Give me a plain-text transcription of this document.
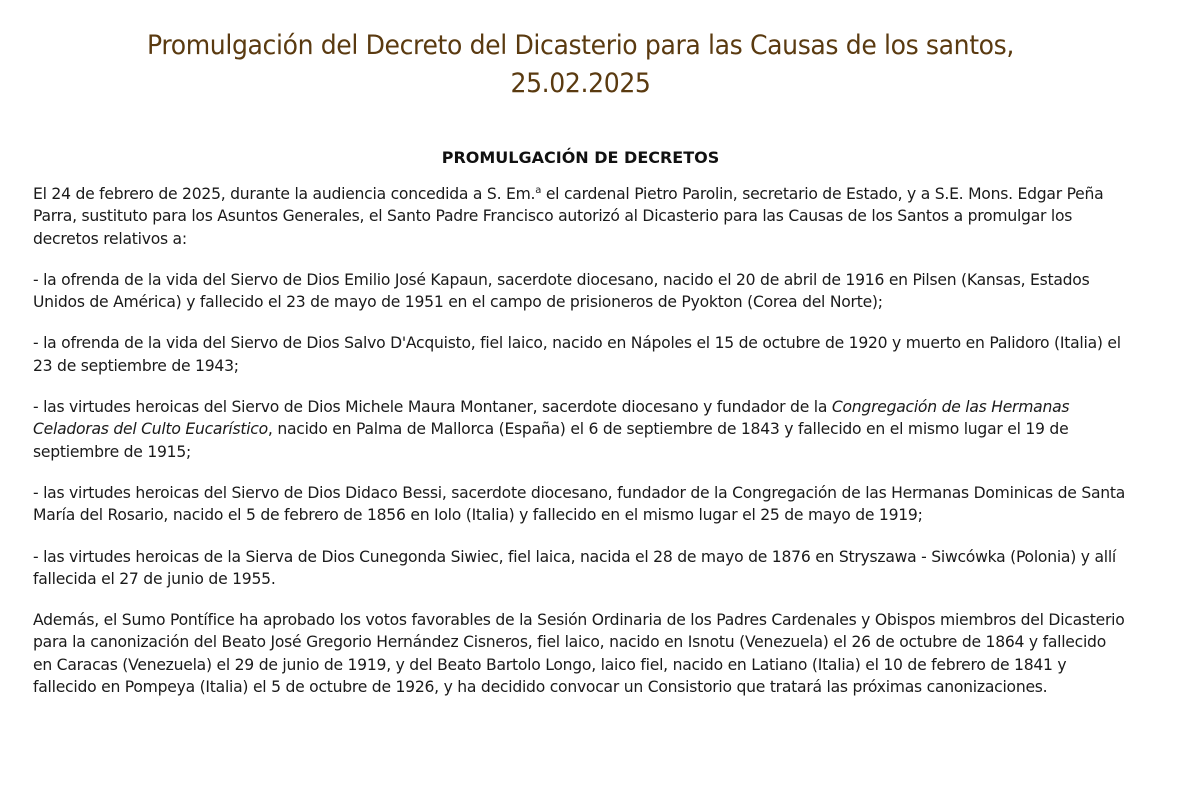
Promulgación del Decreto del Dicasterio para las Causas de los santos,
25.02.2025
PROMULGACIÓN DE DECRETOS

El 24 de febrero de 2025, durante la audiencia concedida a S. Em.$^a$ el cardenal Pietro Parolin, secretario de Estado, y a S.E. Mons. Edgar Peña Parra, sustituto para los Asuntos Generales, el Santo Padre Francisco autorizó al Dicasterio para las Causas de los Santos a promulgar los decretos relativos a:

- la ofrenda de la vida del Siervo de Dios Emilio José Kapaun, sacerdote diocesano, nacido el 20 de abril de 1916 en Pilsen (Kansas, Estados Unidos de América) y fallecido el 23 de mayo de 1951 en el campo de prisioneros de Pyokton (Corea del Norte);

- la ofrenda de la vida del Siervo de Dios Salvo D'Acquisto, fiel laico, nacido en Nápoles el 15 de octubre de 1920 y muerto en Palidoro (Italia) el 23 de septiembre de 1943;

- las virtudes heroicas del Siervo de Dios Michele Maura Montaner, sacerdote diocesano y fundador de la Congregación de las Hermanas Celadoras del Culto Eucarístico, nacido en Palma de Mallorca (España) el 6 de septiembre de 1843 y fallecido en el mismo lugar el 19 de septiembre de 1915;

- las virtudes heroicas del Siervo de Dios Didaco Bessi, sacerdote diocesano, fundador de la Congregación de las Hermanas Dominicas de Santa María del Rosario, nacido el 5 de febrero de 1856 en Iolo (Italia) y fallecido en el mismo lugar el 25 de mayo de 1919;

- las virtudes heroicas de la Sierva de Dios Cunegonda Siwiec, fiel laica, nacida el 28 de mayo de 1876 en Stryszawa - Siwcówka (Polonia) y allí fallecida el 27 de junio de 1955.

Además, el Sumo Pontífice ha aprobado los votos favorables de la Sesión Ordinaria de los Padres Cardenales y Obispos miembros del Dicasterio para la canonización del Beato José Gregorio Hernández Cisneros, fiel laico, nacido en Isnotu (Venezuela) el 26 de octubre de 1864 y fallecido en Caracas (Venezuela) el 29 de junio de 1919, y del Beato Bartolo Longo, laico fiel, nacido en Latiano (Italia) el 10 de febrero de 1841 y fallecido en Pompeya (Italia) el 5 de octubre de 1926, y ha decidido convocar un Consistorio que tratará las próximas canonizaciones.
